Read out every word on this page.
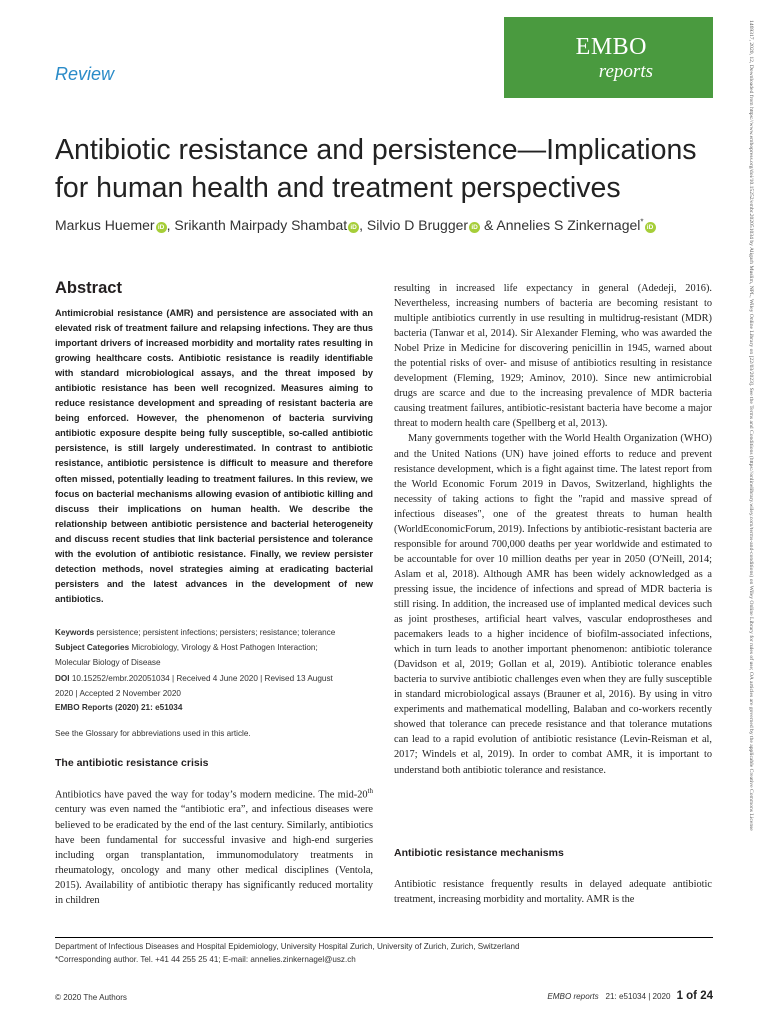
Review
EMBO
reports	1469317, 2020, 12, Downloaded from https://www.embopress.org/doi/10.15252/embr.202051034 by Aligarh Muslim, NPL, Wiley Online Library on [22/03/2023]. See the Terms and Conditions (https://onlinelibrary.wiley.com/terms-and-conditions) on Wiley Online Library for rules of use; OA articles are governed by the applicable Creative Commons License
Antibiotic resistance and persistence—Implications
for human health and treatment perspectives
Markus Huemer iD , Srikanth Mairpady Shambat iD , Silvio D Brugger iD & Annelies S Zinkernagel*iD
Abstract
Antimicrobial resistance (AMR) and persistence are associated with an elevated risk of treatment failure and relapsing infections. They are thus important drivers of increased morbidity and mortality rates resulting in growing healthcare costs. Antibiotic resistance is readily identifiable with standard microbiological assays, and the threat imposed by antibiotic resistance has been well recognized. Measures aiming to reduce resistance development and spreading of resistant bacteria are being enforced. However, the phenomenon of bacteria surviving antibiotic exposure despite being fully susceptible, so-called antibiotic persistence, is still largely underestimated. In contrast to antibiotic resistance, antibiotic persistence is difficult to measure and therefore often missed, potentially leading to treatment failures. In this review, we focus on bacterial mechanisms allowing evasion of antibiotic killing and discuss their implications on human health. We describe the relationship between antibiotic persistence and bacterial heterogeneity and discuss recent studies that link bacterial persistence and tolerance with the evolution of antibiotic resistance. Finally, we review persister detection methods, novel strategies aiming at eradicating bacterial persisters and the latest advances in the development of new antibiotics.
Keywords persistence; persistent infections; persisters; resistance; tolerance
Subject Categories Microbiology, Virology & Host Pathogen Interaction;
Molecular Biology of Disease
DOI 10.15252/embr.202051034 | Received 4 June 2020 | Revised 13 August
2020 | Accepted 2 November 2020
EMBO Reports (2020) 21: e51034
See the Glossary for abbreviations used in this article.
The antibiotic resistance crisis

Antibiotics have paved the way for today’s modern medicine. The mid-20th century was even named the “antibiotic era”, and infectious diseases were believed to be eradicated by the end of the last century. Similarly, antibiotics have been fundamental for successful invasive and high-end surgeries including organ transplantation, immunomodulatory treatments in rheumatology, oncology and many other medical disciplines (Ventola, 2015). Availability of antibiotic therapy has significantly reduced mortality in children

resulting in increased life expectancy in general (Adedeji, 2016). Nevertheless, increasing numbers of bacteria are becoming resistant to multiple antibiotics currently in use resulting in multidrug-resistant (MDR) bacteria (Tanwar et al, 2014). Sir Alexander Fleming, who was awarded the Nobel Prize in Medicine for discovering penicillin in 1945, warned about the potential risks of over- and misuse of antibiotics resulting in resistance development (Fleming, 1929; Aminov, 2010). Since new antimicrobial drugs are scarce and due to the increasing prevalence of MDR bacteria causing treatment failures, antibiotic-resistant bacteria have become a major threat to modern health care (Spellberg et al, 2013).

Many governments together with the World Health Organization (WHO) and the United Nations (UN) have joined efforts to reduce and prevent resistance development, which is a fight against time. The latest report from the World Economic Forum 2019 in Davos, Switzerland, highlights the necessity of taking actions to fight the "rapid and massive spread of infectious diseases", one of the greatest threats to human health (WorldEconomicForum, 2019). Infections by antibiotic-resistant bacteria are responsible for around 700,000 deaths per year worldwide and estimated to be accountable for over 10 million deaths per year in 2050 (O'Neill, 2014; Aslam et al, 2018). Although AMR has been widely acknowledged as a pressing issue, the incidence of infections and spread of MDR bacteria is still rising. In addition, the increased use of implanted medical devices such as joint prostheses, artificial heart valves, vascular endoprostheses and pacemakers leads to a higher incidence of biofilm-associated infections, which in turn leads to another important phenomenon: antibiotic tolerance (Davidson et al, 2019; Gollan et al, 2019). Antibiotic tolerance enables bacteria to survive antibiotic challenges even when they are fully susceptible in standard microbiological assays (Brauner et al, 2016). By using in vitro experiments and mathematical modelling, Balaban and co-workers recently showed that tolerance can precede resistance and that tolerance mutations can lead to a rapid evolution of antibiotic resistance (Levin-Reisman et al, 2017; Windels et al, 2019). In order to combat AMR, it is important to understand both antibiotic tolerance and resistance.

Antibiotic resistance mechanisms

Antibiotic resistance frequently results in delayed adequate antibiotic treatment, increasing morbidity and mortality. AMR is the

Department of Infectious Diseases and Hospital Epidemiology, University Hospital Zurich, University of Zurich, Zurich, Switzerland
*Corresponding author. Tel. +41 44 255 25 41; E-mail: annelies.zinkernagel@usz.ch
© 2020 The Authors	EMBO reports 21: e51034 | 2020 1 of 24
